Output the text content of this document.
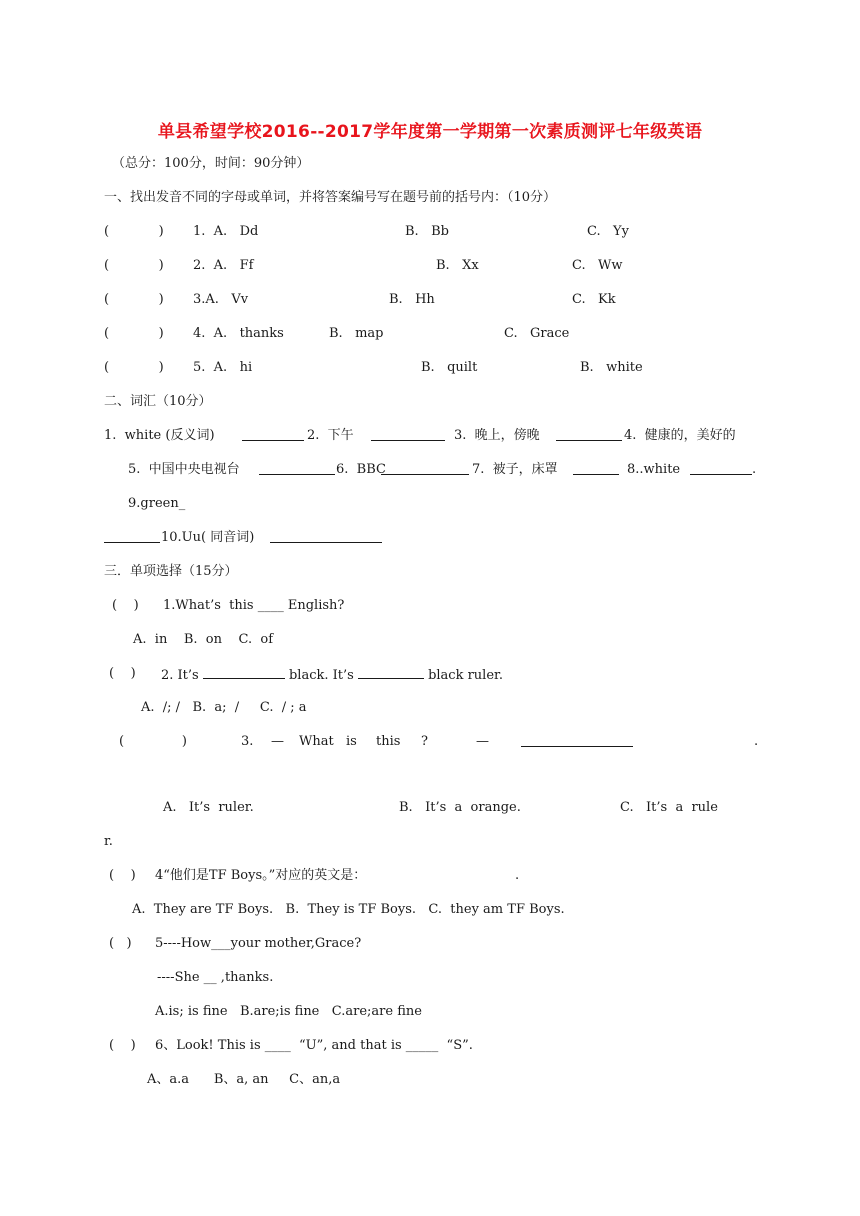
单县希望学校2016--2017学年度第一学期第一次素质测评七年级英语
（总分：100分，时间：90分钟）
一、找出发音不同的字母或单词，并将答案编号写在题号前的括号内：（10分）
(            ) 1.  A.   Dd	B.   Bb	C.   Yy
(            ) 2.  A.   Ff	B.   Xx	C.   Ww
(            ) 3.A.   Vv	B.   Hh	C.   Kk
(            ) 4.  A.   thanks	B.   map	C.   Grace
(            ) 5.  A.   hi	B.   quilt	B.   white
二、词汇（10分）
1.  white (反义词)	2.  下午	3.  晚上，傍晚	4.  健康的，美好的
5.  中国中央电视台	6.  BBC	7.  被子，床罩	8..white	.
9.green_
10.Uu( 同音词)
三．单项选择（15分）
(    ) 1.What’s  this ____ English?
A.  in    B.  on    C.  of
(    ) 2. It’s	black. It’s	black ruler.
A.  /; /   B.  a;  /     C.  / ; a
(              )	3. — What is this ?	—	.
A.   It’s  ruler.	B.   It’s  a  orange.	C.   It’s  a  rule
r.
(    ) 4“他们是TF Boys。”对应的英文是：	.
A.  They are TF Boys.   B.  They is TF Boys.   C.  they am TF Boys.
(   ) 5----How___your mother,Grace?
----She __ ,thanks.
A.is; is fine   B.are;is fine   C.are;are fine
(    ) 6、Look! This is ____  “U”, and that is _____  “S”.
A、a.a      B、a, an     C、an,a
